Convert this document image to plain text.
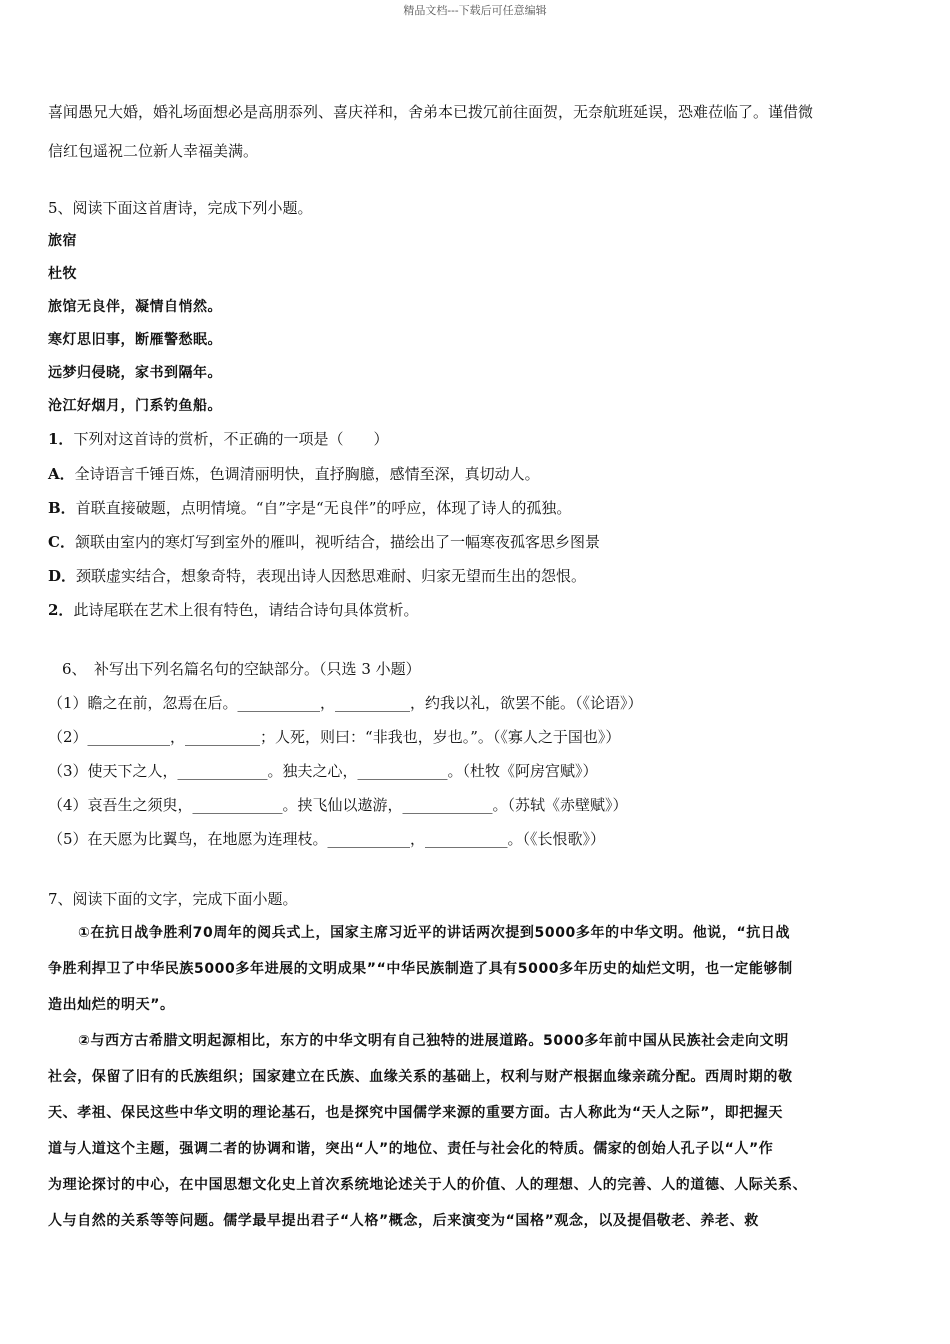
精品文档---下载后可任意编辑
喜闻愚兄大婚，婚礼场面想必是高朋忝列、喜庆祥和，舍弟本已拨冗前往面贺，无奈航班延误，恐难莅临了。谨借微
信红包遥祝二位新人幸福美满。
5、阅读下面这首唐诗，完成下列小题。
旅宿
杜牧
旅馆无良伴，凝情自悄然。
寒灯思旧事，断雁警愁眠。
远梦归侵晓，家书到隔年。
沧江好烟月，门系钓鱼船。
1．下列对这首诗的赏析，不正确的一项是（　　）
A．全诗语言千锤百炼，色调清丽明快，直抒胸臆，感情至深，真切动人。
B．首联直接破题，点明情境。“自”字是“无良伴”的呼应，体现了诗人的孤独。
C．颔联由室内的寒灯写到室外的雁叫，视听结合，描绘出了一幅寒夜孤客思乡图景
D．颈联虚实结合，想象奇特，表现出诗人因愁思难耐、归家无望而生出的怨恨。
2．此诗尾联在艺术上很有特色，请结合诗句具体赏析。
6、　补写出下列名篇名句的空缺部分。（只选 3 小题）
（1）瞻之在前，忽焉在后。___________，__________，约我以礼，欲罢不能。（《论语》）
（2）___________，__________；人死，则曰：“非我也，岁也。”。（《寡人之于国也》）
（3）使天下之人，____________。独夫之心，____________。（杜牧《阿房宫赋》）
（4）哀吾生之须臾，____________。挟飞仙以遨游，____________。（苏轼《赤壁赋》）
（5）在天愿为比翼鸟，在地愿为连理枝。___________，___________。（《长恨歌》）
7、阅读下面的文字，完成下面小题。
①在抗日战争胜利70周年的阅兵式上，国家主席习近平的讲话两次提到5000多年的中华文明。他说，“抗日战
争胜利捍卫了中华民族5000多年进展的文明成果”“中华民族制造了具有5000多年历史的灿烂文明，也一定能够制
造出灿烂的明天”。
②与西方古希腊文明起源相比，东方的中华文明有自己独特的进展道路。5000多年前中国从民族社会走向文明
社会，保留了旧有的氏族组织；国家建立在氏族、血缘关系的基础上，权利与财产根据血缘亲疏分配。西周时期的敬
天、孝祖、保民这些中华文明的理论基石，也是探究中国儒学来源的重要方面。古人称此为“天人之际”，即把握天
道与人道这个主题，强调二者的协调和谐，突出“人”的地位、责任与社会化的特质。儒家的创始人孔子以“人”作
为理论探讨的中心，在中国思想文化史上首次系统地论述关于人的价值、人的理想、人的完善、人的道德、人际关系、
人与自然的关系等等问题。儒学最早提出君子“人格”概念，后来演变为“国格”观念，以及提倡敬老、养老、救
